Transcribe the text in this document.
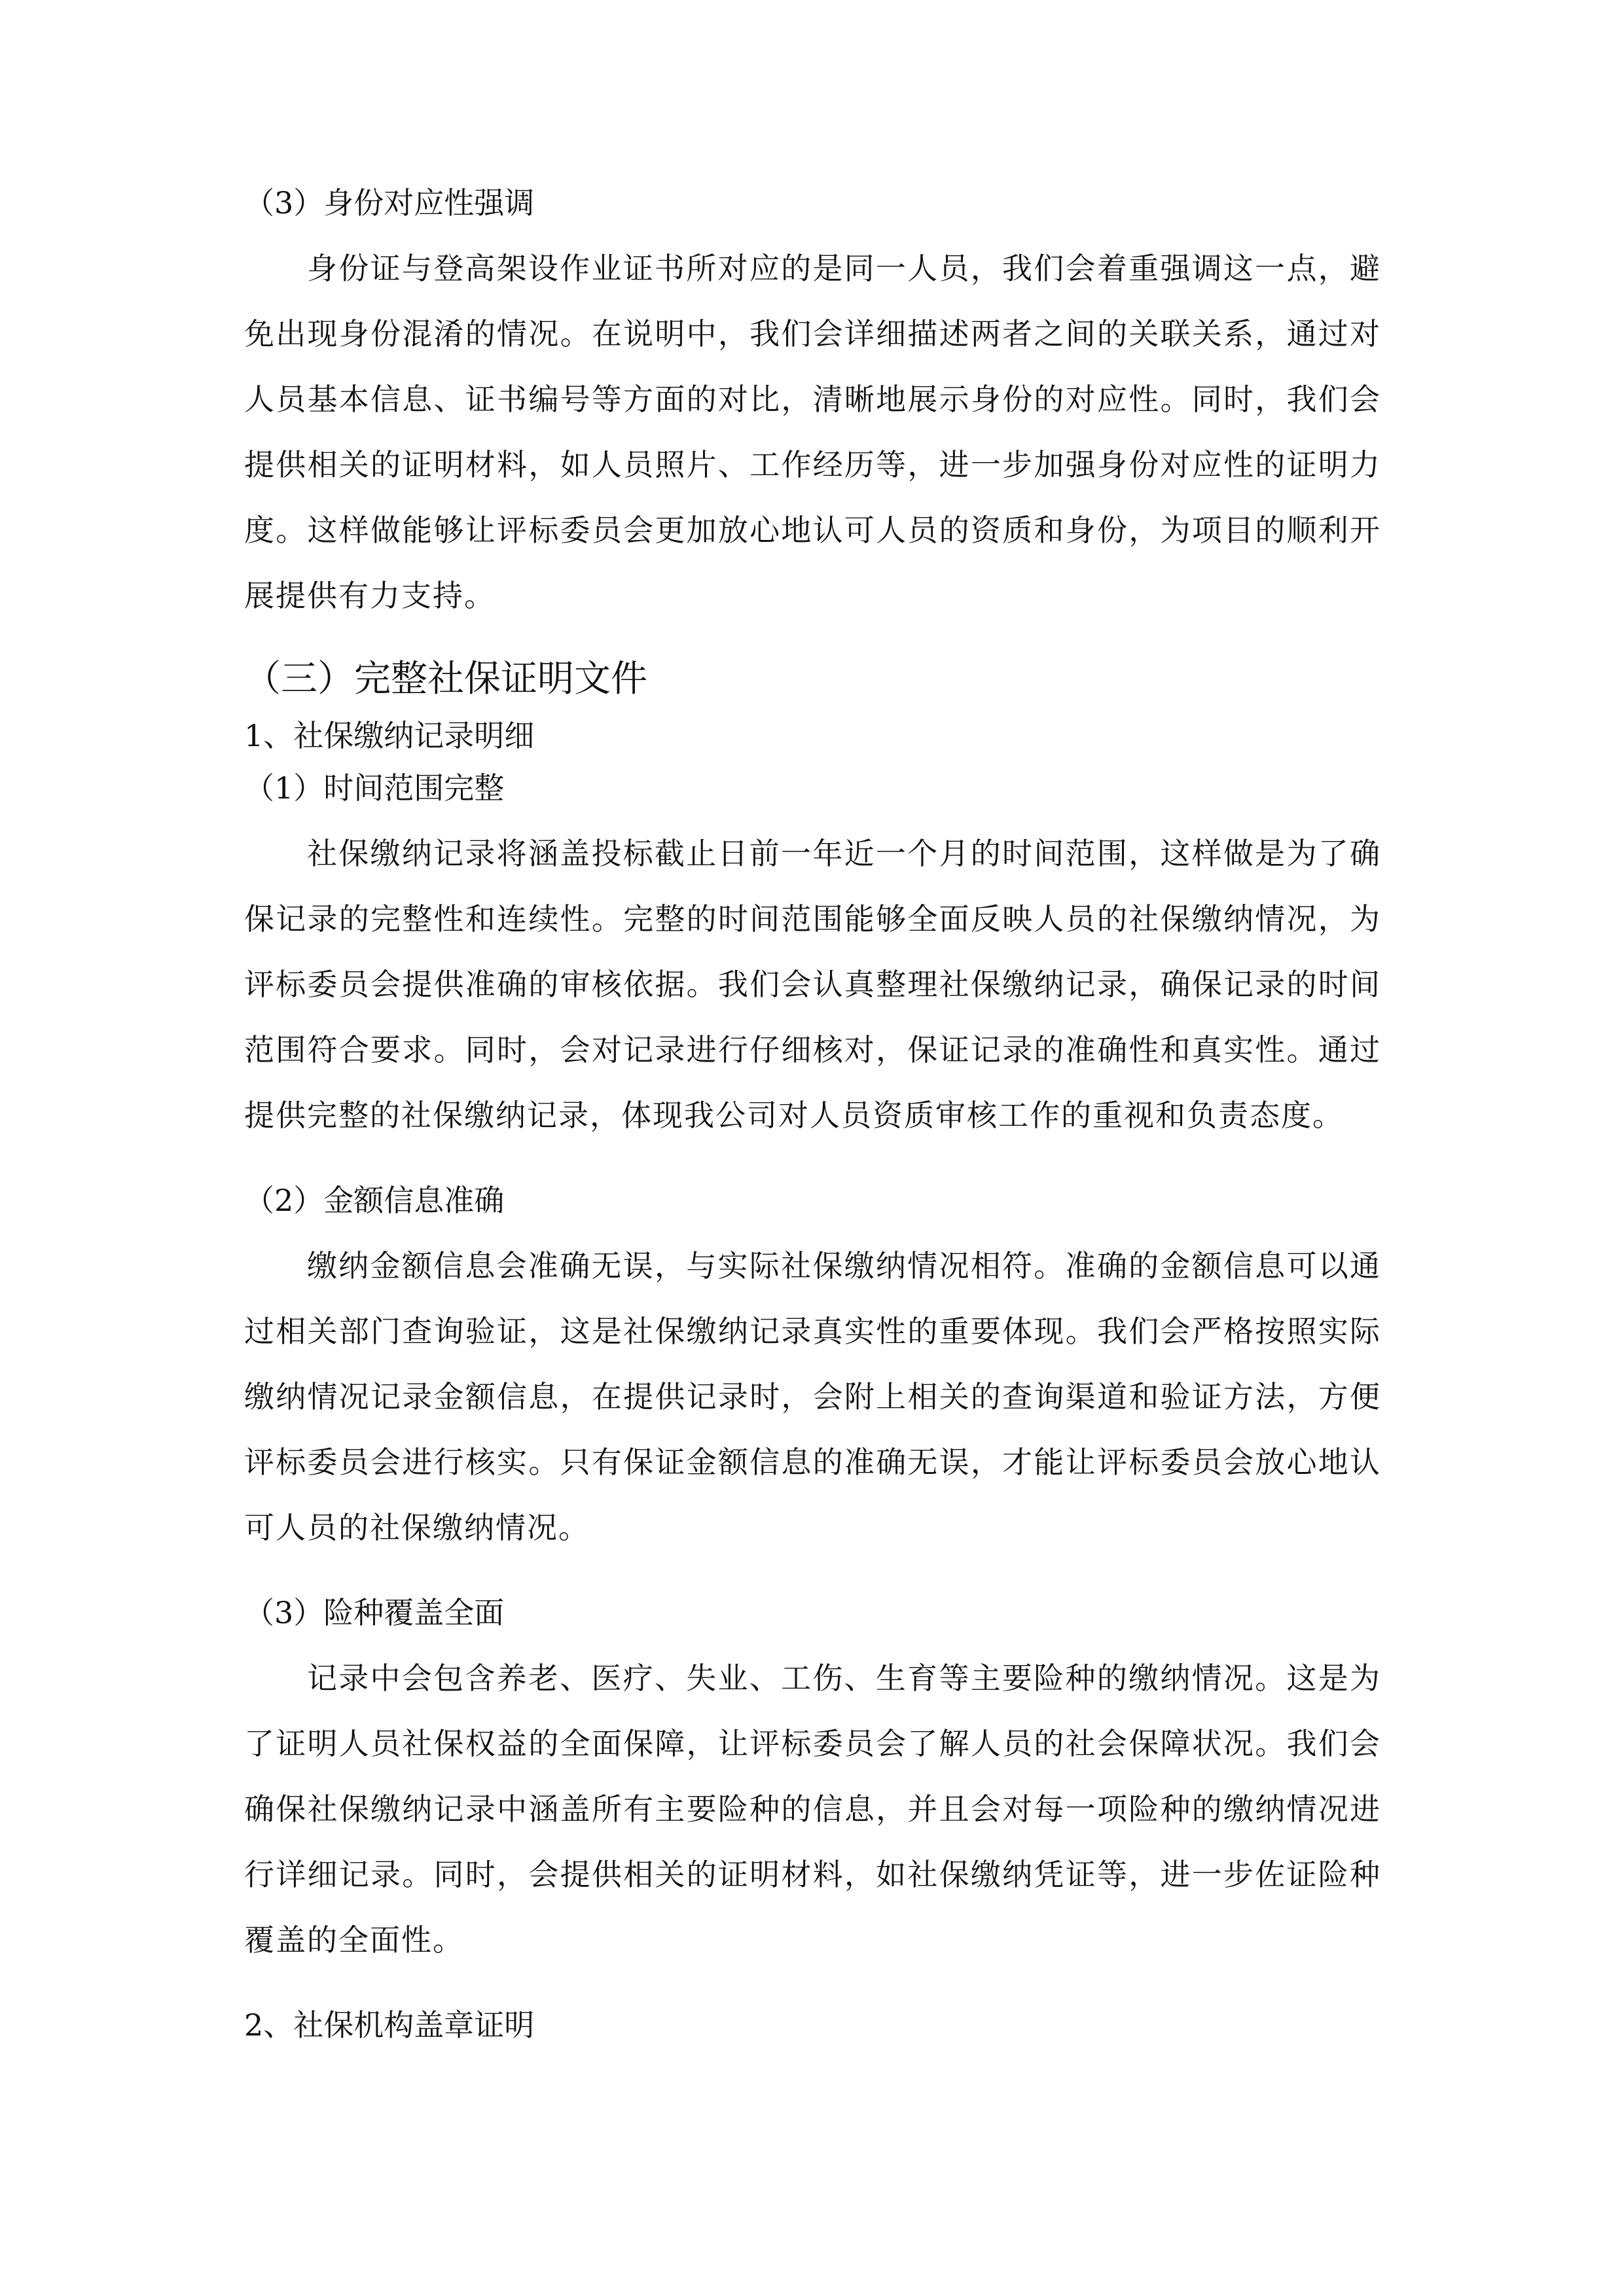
（3）身份对应性强调

身份证与登高架设作业证书所对应的是同一人员，我们会着重强调这一点，避免出现身份混淆的情况。在说明中，我们会详细描述两者之间的关联关系，通过对人员基本信息、证书编号等方面的对比，清晰地展示身份的对应性。同时，我们会提供相关的证明材料，如人员照片、工作经历等，进一步加强身份对应性的证明力度。这样做能够让评标委员会更加放心地认可人员的资质和身份，为项目的顺利开展提供有力支持。

（三）完整社保证明文件

1、社保缴纳记录明细

（1）时间范围完整

社保缴纳记录将涵盖投标截止日前一年近一个月的时间范围，这样做是为了确保记录的完整性和连续性。完整的时间范围能够全面反映人员的社保缴纳情况，为评标委员会提供准确的审核依据。我们会认真整理社保缴纳记录，确保记录的时间范围符合要求。同时，会对记录进行仔细核对，保证记录的准确性和真实性。通过提供完整的社保缴纳记录，体现我公司对人员资质审核工作的重视和负责态度。

（2）金额信息准确

缴纳金额信息会准确无误，与实际社保缴纳情况相符。准确的金额信息可以通过相关部门查询验证，这是社保缴纳记录真实性的重要体现。我们会严格按照实际缴纳情况记录金额信息，在提供记录时，会附上相关的查询渠道和验证方法，方便评标委员会进行核实。只有保证金额信息的准确无误，才能让评标委员会放心地认可人员的社保缴纳情况。

（3）险种覆盖全面

记录中会包含养老、医疗、失业、工伤、生育等主要险种的缴纳情况。这是为了证明人员社保权益的全面保障，让评标委员会了解人员的社会保障状况。我们会确保社保缴纳记录中涵盖所有主要险种的信息，并且会对每一项险种的缴纳情况进行详细记录。同时，会提供相关的证明材料，如社保缴纳凭证等，进一步佐证险种覆盖的全面性。

2、社保机构盖章证明
